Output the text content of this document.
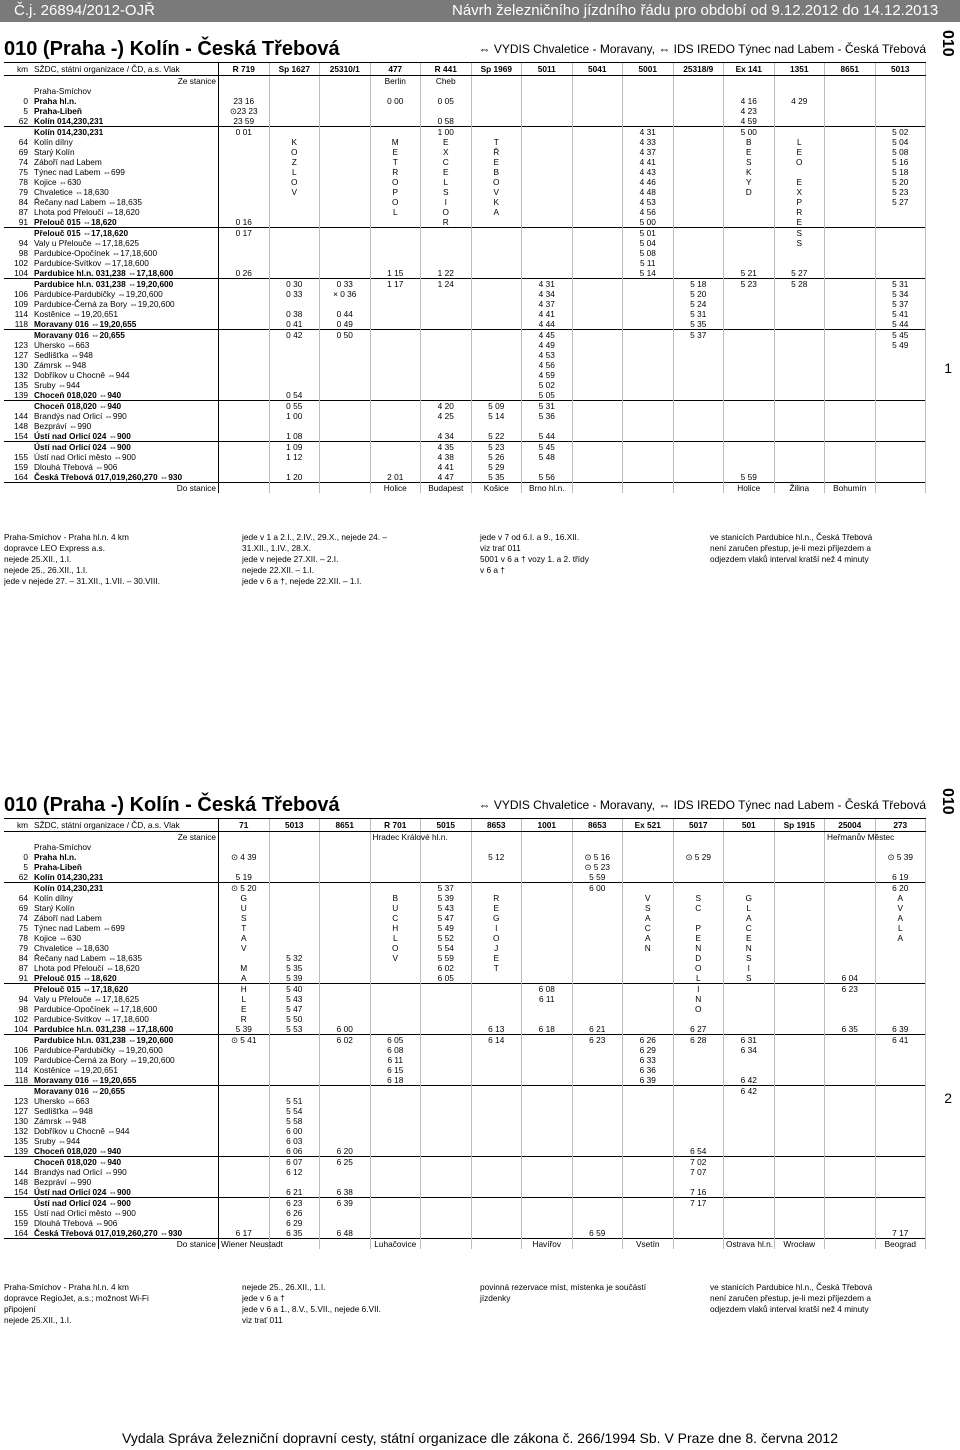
Č.j. 26894/2012-OJŘ	Návrh železničního jízdního řádu pro období od 9.12.2012 do 14.12.2013
010
1
010
2
010 (Praha -) Kolín - Česká Třebová	⇔ VYDIS Chvaletice - Moravany, ⇔ IDS IREDO Týnec nad Labem - Česká Třebová
km	SŽDC, státní organizace / ČD, a.s. Vlak	R 719	Sp 1627	25310/1	477	R 441	Sp 1969	5011	5041	5001	25318/9	Ex 141	1351	8651	5013
	Ze stanice				Berlin	Cheb									
	Praha-Smíchov														
0	Praha hl.n.	23 16			0 00	0 05						4 16	4 29		
5	Praha-Libeň	⊙23 23										4 23			
62	Kolín 014,230,231	23 59				0 58						4 59			
	Kolín 014,230,231	0 01				1 00				4 31		5 00			5 02
64	Kolín dílny		K		M	E	T			4 33		B	L		5 04
69	Starý Kolín		O		E	X	Ř			4 37		E	E		5 08
74	Záboří nad Labem		Z		T	C	E			4 41		S	O		5 16
75	Týnec nad Labem ⇔699		L		R	E	B			4 43		K			5 18
78	Kojice ⇔630		O		O	L	O			4 46		Y	E		5 20
79	Chvaletice ⇔18,630		V		P	S	V			4 48		D	X		5 23
84	Řečany nad Labem ⇔18,635				O	I	K			4 53			P		5 27
87	Lhota pod Přeloučí ⇔18,620				L	O	A			4 56			R		
91	Přelouč 015 ⇔18,620	0 16				R				5 00			E		
	Přelouč 015 ⇔17,18,620	0 17								5 01			S		
94	Valy u Přelouče ⇔17,18,625									5 04			S		
98	Pardubice-Opočínek ⇔17,18,600									5 08					
102	Pardubice-Svítkov ⇔17,18,600									5 11					
104	Pardubice hl.n. 031,238 ⇔17,18,600	0 26			1 15	1 22				5 14		5 21	5 27		
	Pardubice hl.n. 031,238 ⇔19,20,600		0 30	0 33	1 17	1 24		4 31			5 18	5 23	5 28		5 31
106	Pardubice-Pardubičky ⇔19,20,600		0 33	× 0 36				4 34			5 20				5 34
109	Pardubice-Černá za Bory ⇔19,20,600							4 37			5 24				5 37
114	Kostěnice ⇔19,20,651		0 38	0 44				4 41			5 31				5 41
118	Moravany 016 ⇔19,20,655		0 41	0 49				4 44			5 35				5 44
	Moravany 016 ⇔20,655		0 42	0 50				4 45			5 37				5 45
123	Uhersko ⇔663							4 49							5 49
127	Sedlišťka ⇔948							4 53							
130	Zámrsk ⇔948							4 56							
132	Dobříkov u Chocně ⇔944							4 59							
135	Sruby ⇔944							5 02							
139	Choceň 018,020 ⇔940		0 54					5 05							
	Choceň 018,020 ⇔940		0 55			4 20	5 09	5 31							
144	Brandýs nad Orlicí ⇔990		1 00			4 25	5 14	5 36							
148	Bezpráví ⇔990														
154	Ústí nad Orlicí 024 ⇔900		1 08			4 34	5 22	5 44							
	Ústí nad Orlicí 024 ⇔900		1 09			4 35	5 23	5 45							
155	Ústí nad Orlicí město ⇔900		1 12			4 38	5 26	5 48							
159	Dlouhá Třebová ⇔906					4 41	5 29								
164	Česká Třebová 017,019,260,270 ⇔930		1 20		2 01	4 47	5 35	5 56				5 59			
	Do stanice				Holice	Budapest	Košice	Brno hl.n.				Holice	Žilina	Bohumín	
Praha-Smíchov - Praha hl.n. 4 km
dopravce LEO Express a.s.
nejede 25.XII., 1.I.
nejede 25., 26.XII., 1.I.
jede v nejede 27. – 31.XII., 1.VII. – 30.VIII.
jede v 1 a 2.I., 2.IV., 29.X., nejede 24. –
31.XII., 1.IV., 28.X.
jede v nejede 27.XII. – 2.I.
nejede 22.XII. – 1.I.
jede v 6 a †, nejede 22.XII. – 1.I.
jede v 7 od 6.I. a 9., 16.XII.
viz trať 011
5001 v 6 a † vozy 1. a 2. třídy
v 6 a †
ve stanicích Pardubice hl.n., Česká Třebová
není zaručen přestup, je-li mezi příjezdem a
odjezdem vlaků interval kratší než 4 minuty
010 (Praha -) Kolín - Česká Třebová	⇔ VYDIS Chvaletice - Moravany, ⇔ IDS IREDO Týnec nad Labem - Česká Třebová
km	SŽDC, státní organizace / ČD, a.s. Vlak	71	5013	8651	R 701	5015	8653	1001	8653	Ex 521	5017	501	Sp 1915	25004	273
	Ze stanice				Hradec Králové hl.n.									Heřmanův Městec	
	Praha-Smíchov														
0	Praha hl.n.	⊙ 4 39					5 12		⊙ 5 16		⊙ 5 29				⊙ 5 39
5	Praha-Libeň								⊙ 5 23						
62	Kolín 014,230,231	5 19							5 59						6 19
	Kolín 014,230,231	⊙ 5 20				5 37			6 00						6 20
64	Kolín dílny	G			B	5 39	R			V	S	G			A
69	Starý Kolín	U			U	5 43	E			S	C	L			V
74	Záboří nad Labem	S			C	5 47	G			A		A			A
75	Týnec nad Labem ⇔699	T			H	5 49	I			C	P	C			L
78	Kojice ⇔630	A			L	5 52	O			A	E	E			A
79	Chvaletice ⇔18,630	V			O	5 54	J			N	N	N			
84	Řečany nad Labem ⇔18,635		5 32		V	5 59	E				D	S			
87	Lhota pod Přeloučí ⇔18,620	M	5 35			6 02	T				O	I			
91	Přelouč 015 ⇔18,620	A	5 39			6 05					L	S		6 04	
	Přelouč 015 ⇔17,18,620	H	5 40					6 08			I			6 23	
94	Valy u Přelouče ⇔17,18,625	L	5 43					6 11			N				
98	Pardubice-Opočínek ⇔17,18,600	E	5 47								O				
102	Pardubice-Svítkov ⇔17,18,600	R	5 50												
104	Pardubice hl.n. 031,238 ⇔17,18,600	5 39	5 53	6 00			6 13	6 18	6 21		6 27			6 35	6 39
	Pardubice hl.n. 031,238 ⇔19,20,600	⊙ 5 41		6 02	6 05		6 14		6 23	6 26	6 28	6 31			6 41
106	Pardubice-Pardubičky ⇔19,20,600				6 08					6 29		6 34			
109	Pardubice-Černá za Bory ⇔19,20,600				6 11					6 33					
114	Kostěnice ⇔19,20,651				6 15					6 36					
118	Moravany 016 ⇔19,20,655				6 18					6 39		6 42			
	Moravany 016 ⇔20,655											6 42			
123	Uhersko ⇔663		5 51												
127	Sedlišťka ⇔948		5 54												
130	Zámrsk ⇔948		5 58												
132	Dobříkov u Chocně ⇔944		6 00												
135	Sruby ⇔944		6 03												
139	Choceň 018,020 ⇔940		6 06	6 20							6 54				
	Choceň 018,020 ⇔940		6 07	6 25							7 02				
144	Brandýs nad Orlicí ⇔990		6 12								7 07				
148	Bezpráví ⇔990														
154	Ústí nad Orlicí 024 ⇔900		6 21	6 38							7 16				
	Ústí nad Orlicí 024 ⇔900		6 23	6 39							7 17				
155	Ústí nad Orlicí město ⇔900		6 26												
159	Dlouhá Třebová ⇔906		6 29												
164	Česká Třebová 017,019,260,270 ⇔930	6 17	6 35	6 48					6 59						7 17
	Do stanice	Wiener Neustadt			Luhačovice			Havířov		Vsetín		Ostrava hl.n.	Wrocław		Beograd
Praha-Smíchov - Praha hl.n. 4 km
dopravce RegioJet, a.s.; možnost Wi-Fi
připojení
nejede 25.XII., 1.I.
nejede 25., 26.XII., 1.I.
jede v 6 a †
jede v 6 a 1., 8.V., 5.VII., nejede 6.VII.
viz trať 011
povinná rezervace míst, místenka je součástí
jízdenky
ve stanicích Pardubice hl.n., Česká Třebová
není zaručen přestup, je-li mezi příjezdem a
odjezdem vlaků interval kratší než 4 minuty
Vydala Správa železniční dopravní cesty, státní organizace dle zákona č. 266/1994 Sb. V Praze dne 8. června 2012
